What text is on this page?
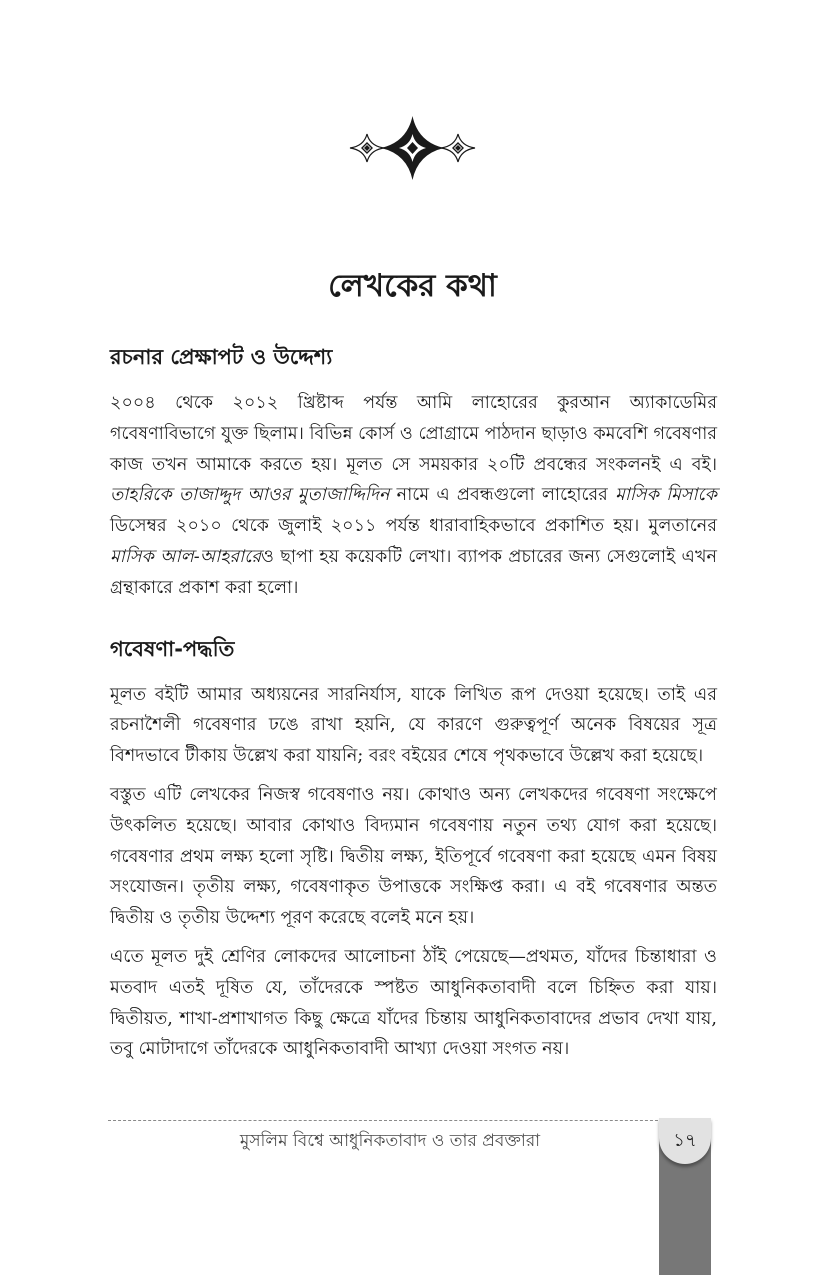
লেখকের কথা
রচনার প্রেক্ষাপট ও উদ্দেশ্য

২০০৪ থেকে ২০১২ খ্রিষ্টাব্দ পর্যন্ত আমি লাহোরের কুরআন অ্যাকাডেমির গবেষণাবিভাগে যুক্ত ছিলাম। বিভিন্ন কোর্স ও প্রোগ্রামে পাঠদান ছাড়াও কমবেশি গবেষণার কাজ তখন আমাকে করতে হয়। মূলত সে সময়কার ২০টি প্রবন্ধের সংকলনই এ বই। তাহরিকে তাজাদ্দুদ আওর মুতাজাদ্দিদিন নামে এ প্রবন্ধগুলো লাহোরের মাসিক মিসাকে ডিসেম্বর ২০১০ থেকে জুলাই ২০১১ পর্যন্ত ধারাবাহিকভাবে প্রকাশিত হয়। মুলতানের মাসিক আল-আহরারেও ছাপা হয় কয়েকটি লেখা। ব্যাপক প্রচারের জন্য সেগুলোই এখন গ্রন্থাকারে প্রকাশ করা হলো।

গবেষণা-পদ্ধতি

মূলত বইটি আমার অধ্যয়নের সারনির্যাস, যাকে লিখিত রূপ দেওয়া হয়েছে। তাই এর রচনাশৈলী গবেষণার ঢঙে রাখা হয়নি, যে কারণে গুরুত্বপূর্ণ অনেক বিষয়ের সূত্র বিশদভাবে টীকায় উল্লেখ করা যায়নি; বরং বইয়ের শেষে পৃথকভাবে উল্লেখ করা হয়েছে।

বস্তুত এটি লেখকের নিজস্ব গবেষণাও নয়। কোথাও অন্য লেখকদের গবেষণা সংক্ষেপে উৎকলিত হয়েছে। আবার কোথাও বিদ্যমান গবেষণায় নতুন তথ্য যোগ করা হয়েছে। গবেষণার প্রথম লক্ষ্য হলো সৃষ্টি। দ্বিতীয় লক্ষ্য, ইতিপূর্বে গবেষণা করা হয়েছে এমন বিষয় সংযোজন। তৃতীয় লক্ষ্য, গবেষণাকৃত উপাত্তকে সংক্ষিপ্ত করা। এ বই গবেষণার অন্তত দ্বিতীয় ও তৃতীয় উদ্দেশ্য পূরণ করেছে বলেই মনে হয়।

এতে মূলত দুই শ্রেণির লোকদের আলোচনা ঠাঁই পেয়েছে—প্রথমত, যাঁদের চিন্তাধারা ও মতবাদ এতই দূষিত যে, তাঁদেরকে স্পষ্টত আধুনিকতাবাদী বলে চিহ্নিত করা যায়। দ্বিতীয়ত, শাখা-প্রশাখাগত কিছু ক্ষেত্রে যাঁদের চিন্তায় আধুনিকতাবাদের প্রভাব দেখা যায়, তবু মোটাদাগে তাঁদেরকে আধুনিকতাবাদী আখ্যা দেওয়া সংগত নয়।

মুসলিম বিশ্বে আধুনিকতাবাদ ও তার প্রবক্তারা	১৭
